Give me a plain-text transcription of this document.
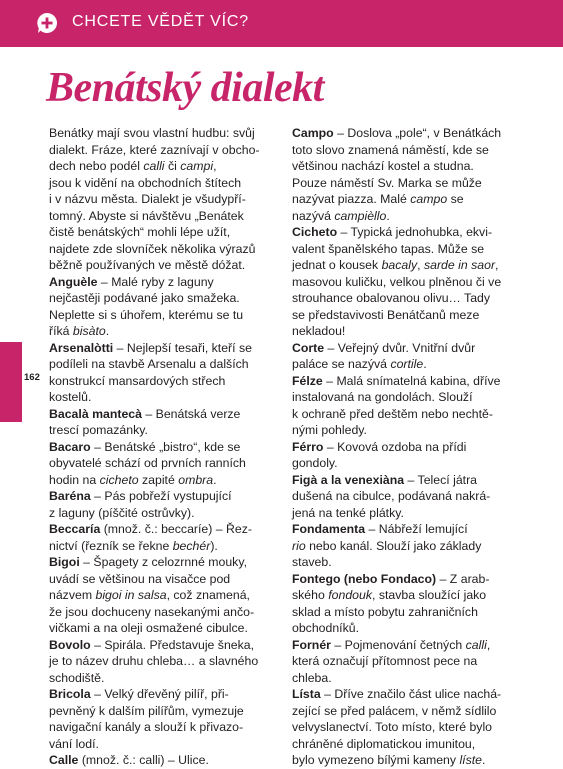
CHCETE VĚDĚT VÍC?
Benátský dialekt
162
Benátky mají svou vlastní hudbu: svůj
dialekt. Fráze, které zaznívají v obcho-
dech nebo podél calli či campi,
jsou k vidění na obchodních štítech
i v názvu města. Dialekt je všudypří-
tomný. Abyste si návštěvu „Benátek
čistě benátských“ mohli lépe užít,
najdete zde slovníček několika výrazů
běžně používaných ve městě dóžat.
Anguèle – Malé ryby z laguny
nejčastěji podávané jako smažeka.
Neplette si s úhořem, kterému se tu
říká bisàto.
Arsenalòtti – Nejlepší tesaři, kteří se
podíleli na stavbě Arsenalu a dalších
konstrukcí mansardových střech
kostelů.
Bacalà mantecà – Benátská verze
trescí pomazánky.
Bacaro – Benátské „bistro“, kde se
obyvatelé schází od prvních ranních
hodin na cicheto zapité ombra.
Baréna – Pás pobřeží vystupující
z laguny (píščité ostrůvky).
Beccaría (množ. č.: beccaríe) – Řez-
nictví (řezník se řekne bechér).
Bigoi – Špagety z celozrnné mouky,
uvádí se většinou na visačce pod
názvem bigoi in salsa, což znamená,
že jsou dochuceny nasekanými ančo-
vičkami a na oleji osmažené cibulce.
Bovolo – Spirála. Představuje šneka,
je to název druhu chleba… a slavného
schodiště.
Bricola – Velký dřevěný pilíř, při-
pevněný k dalším pilířům, vymezuje
navigační kanály a slouží k přivazo-
vání lodí.
Calle (množ. č.: calli) – Ulice.
Campo – Doslova „pole“, v Benátkách
toto slovo znamená náměstí, kde se
většinou nachází kostel a studna.
Pouze náměstí Sv. Marka se může
nazývat piazza. Malé campo se
nazývá campièllo.
Cicheto – Typická jednohubka, ekvi-
valent španělského tapas. Může se
jednat o kousek bacaly, sarde in saor,
masovou kuličku, velkou plněnou či ve
strouhance obalovanou olivu… Tady
se představivosti Benátčanů meze
nekladou!
Corte – Veřejný dvůr. Vnitřní dvůr
paláce se nazývá cortile.
Félze – Malá snímatelná kabina, dříve
instalovaná na gondolách. Slouží
k ochraně před deštěm nebo nechtě-
nými pohledy.
Férro – Kovová ozdoba na přídi
gondoly.
Figà a la venexiàna – Telecí játra
dušená na cibulce, podávaná nakrá-
jená na tenké plátky.
Fondamenta – Nábřeží lemující
rio nebo kanál. Slouží jako základy
staveb.
Fontego (nebo Fondaco) – Z arab-
ského fondouk, stavba sloužící jako
sklad a místo pobytu zahraničních
obchodníků.
Fornér – Pojmenování četných calli,
která označují přítomnost pece na
chleba.
Lísta – Dříve značilo část ulice nachá-
zející se před palácem, v němž sídlilo
velvyslanectví. Toto místo, které bylo
chráněné diplomatickou imunitou,
bylo vymezeno bílými kameny líste.
